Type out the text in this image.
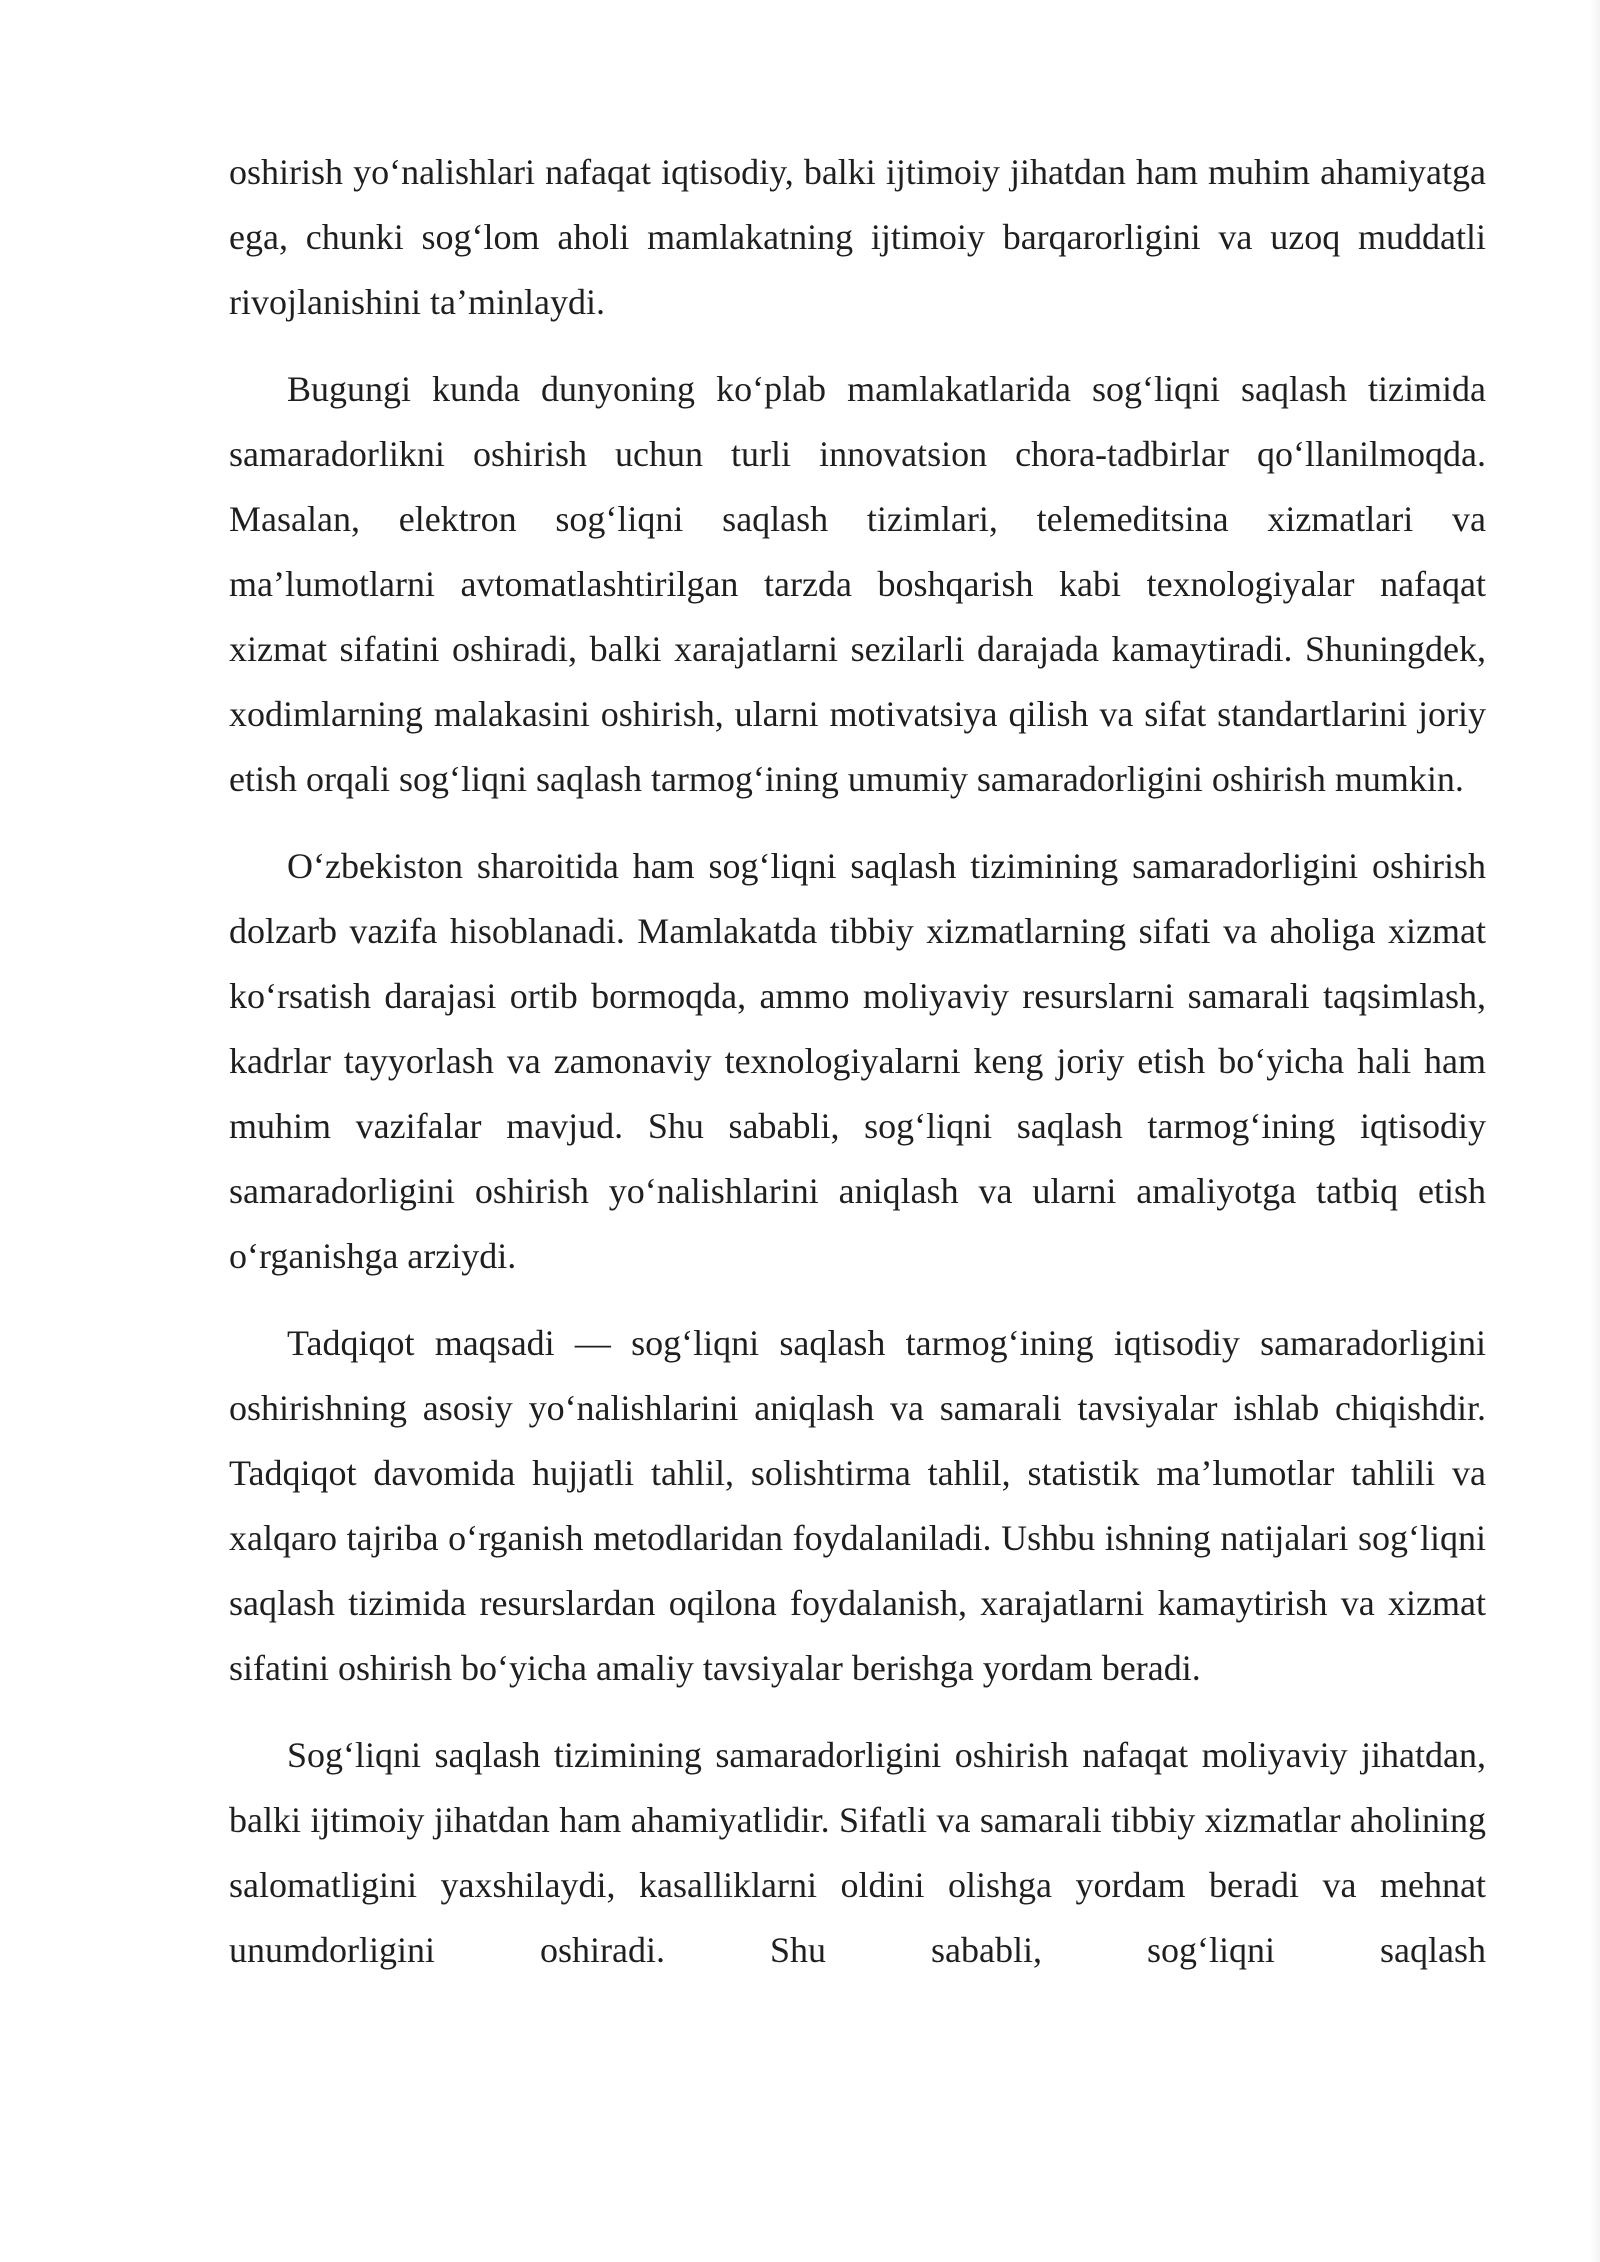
oshirish yo‘nalishlari nafaqat iqtisodiy, balki ijtimoiy jihatdan ham muhim ahamiyatga ega, chunki sog‘lom aholi mamlakatning ijtimoiy barqarorligini va uzoq muddatli rivojlanishini ta’minlaydi.

Bugungi kunda dunyoning ko‘plab mamlakatlarida sog‘liqni saqlash tizimida samaradorlikni oshirish uchun turli innovatsion chora-tadbirlar qo‘llanilmoqda. Masalan, elektron sog‘liqni saqlash tizimlari, telemeditsina xizmatlari va ma’lumotlarni avtomatlashtirilgan tarzda boshqarish kabi texnologiyalar nafaqat xizmat sifatini oshiradi, balki xarajatlarni sezilarli darajada kamaytiradi. Shuningdek, xodimlarning malakasini oshirish, ularni motivatsiya qilish va sifat standartlarini joriy etish orqali sog‘liqni saqlash tarmog‘ining umumiy samaradorligini oshirish mumkin.

O‘zbekiston sharoitida ham sog‘liqni saqlash tizimining samaradorligini oshirish dolzarb vazifa hisoblanadi. Mamlakatda tibbiy xizmatlarning sifati va aholiga xizmat ko‘rsatish darajasi ortib bormoqda, ammo moliyaviy resurslarni samarali taqsimlash, kadrlar tayyorlash va zamonaviy texnologiyalarni keng joriy etish bo‘yicha hali ham muhim vazifalar mavjud. Shu sababli, sog‘liqni saqlash tarmog‘ining iqtisodiy samaradorligini oshirish yo‘nalishlarini aniqlash va ularni amaliyotga tatbiq etish o‘rganishga arziydi.

Tadqiqot maqsadi — sog‘liqni saqlash tarmog‘ining iqtisodiy samaradorligini oshirishning asosiy yo‘nalishlarini aniqlash va samarali tavsiyalar ishlab chiqishdir. Tadqiqot davomida hujjatli tahlil, solishtirma tahlil, statistik ma’lumotlar tahlili va xalqaro tajriba o‘rganish metodlaridan foydalaniladi. Ushbu ishning natijalari sog‘liqni saqlash tizimida resurslardan oqilona foydalanish, xarajatlarni kamaytirish va xizmat sifatini oshirish bo‘yicha amaliy tavsiyalar berishga yordam beradi.

Sog‘liqni saqlash tizimining samaradorligini oshirish nafaqat moliyaviy jihatdan, balki ijtimoiy jihatdan ham ahamiyatlidir. Sifatli va samarali tibbiy xizmatlar aholining salomatligini yaxshilaydi, kasalliklarni oldini olishga yordam beradi va mehnat unumdorligini oshiradi. Shu sababli, sog‘liqni saqlash
